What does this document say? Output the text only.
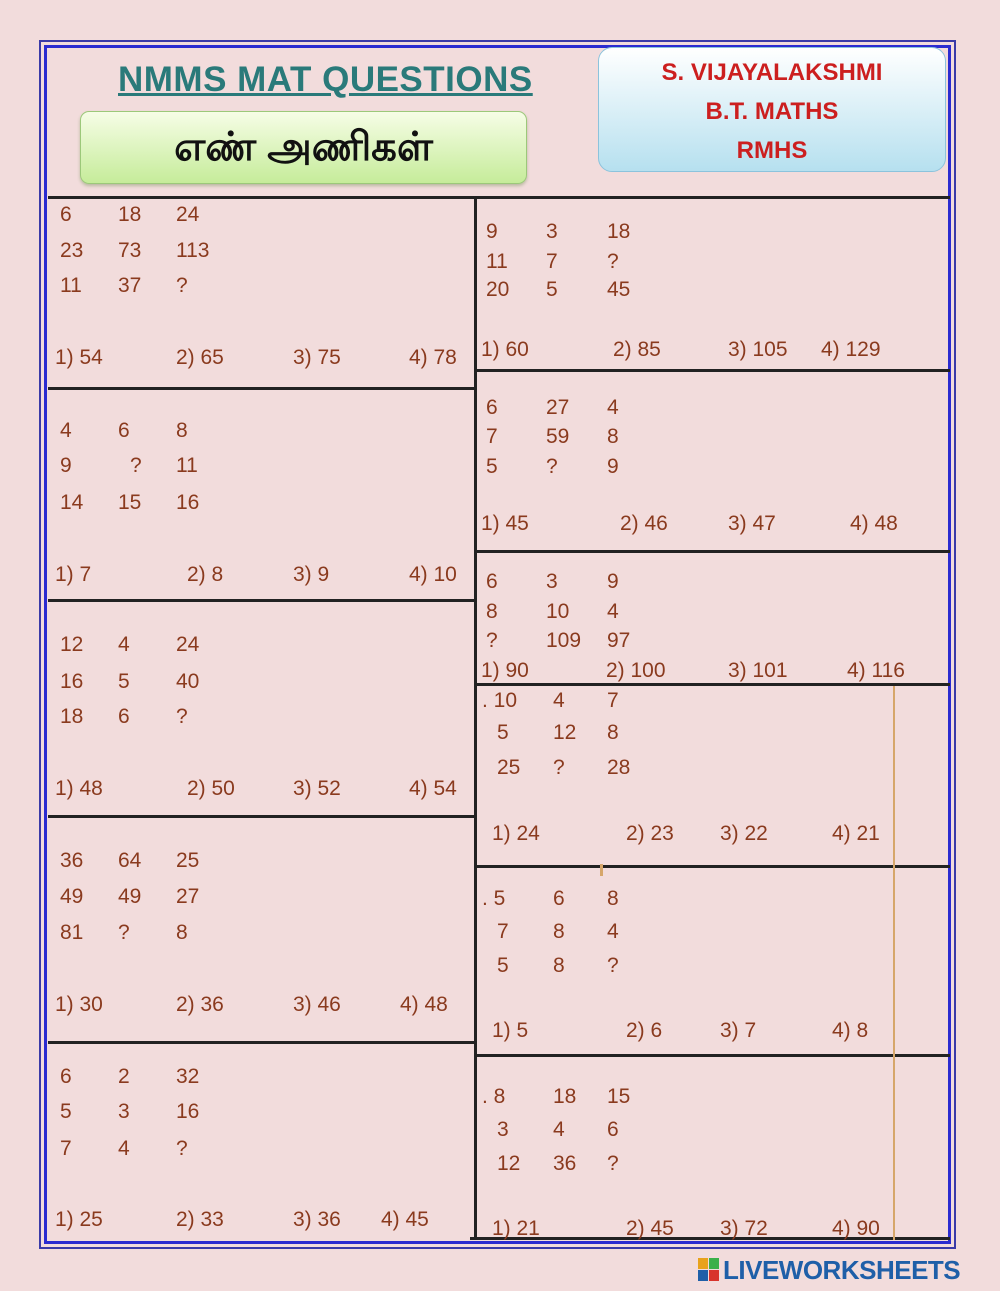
NMMS MAT QUESTIONS
எண் அணிகள்
S. VIJAYALAKSHMI
B.T. MATHS
RMHS
6 18 24
23 73 113
11 37 ?
1) 54	2) 65	3) 75	4) 78
4 6 8
9	? 11
14 15 16
1) 7	2) 8	3) 9	4) 10
12 4 24
16 5 40
18 6 ?
1) 48	2) 50	3) 52	4) 54
36 64 25
49 49 27
81 ? 8
1) 30	2) 36	3) 46	4) 48
6 2 32
5 3 16
7 4 ?
1) 25	2) 33	3) 36 4) 45
9 3 18
11 7 ?
20 5 45
1) 60	2) 85	3) 105 4) 129
6 27 4
7 59 8
5 ? 9
1) 45	2) 46	3) 47	4) 48
6 3 9
8 10 4
? 109 97
1) 90	2) 100	3) 101	4) 116
. 10 4 7
5 12 8
25 ? 28
1) 24	2) 23 3) 22	4) 21
. 5 6 8
7 8 4
5 8 ?
1) 5	2) 6	3) 7	4) 8
. 8 18 15
3 4 6
12 36 ?
1) 21	2) 45 3) 72	4) 90
LIVEWORKSHEETS
